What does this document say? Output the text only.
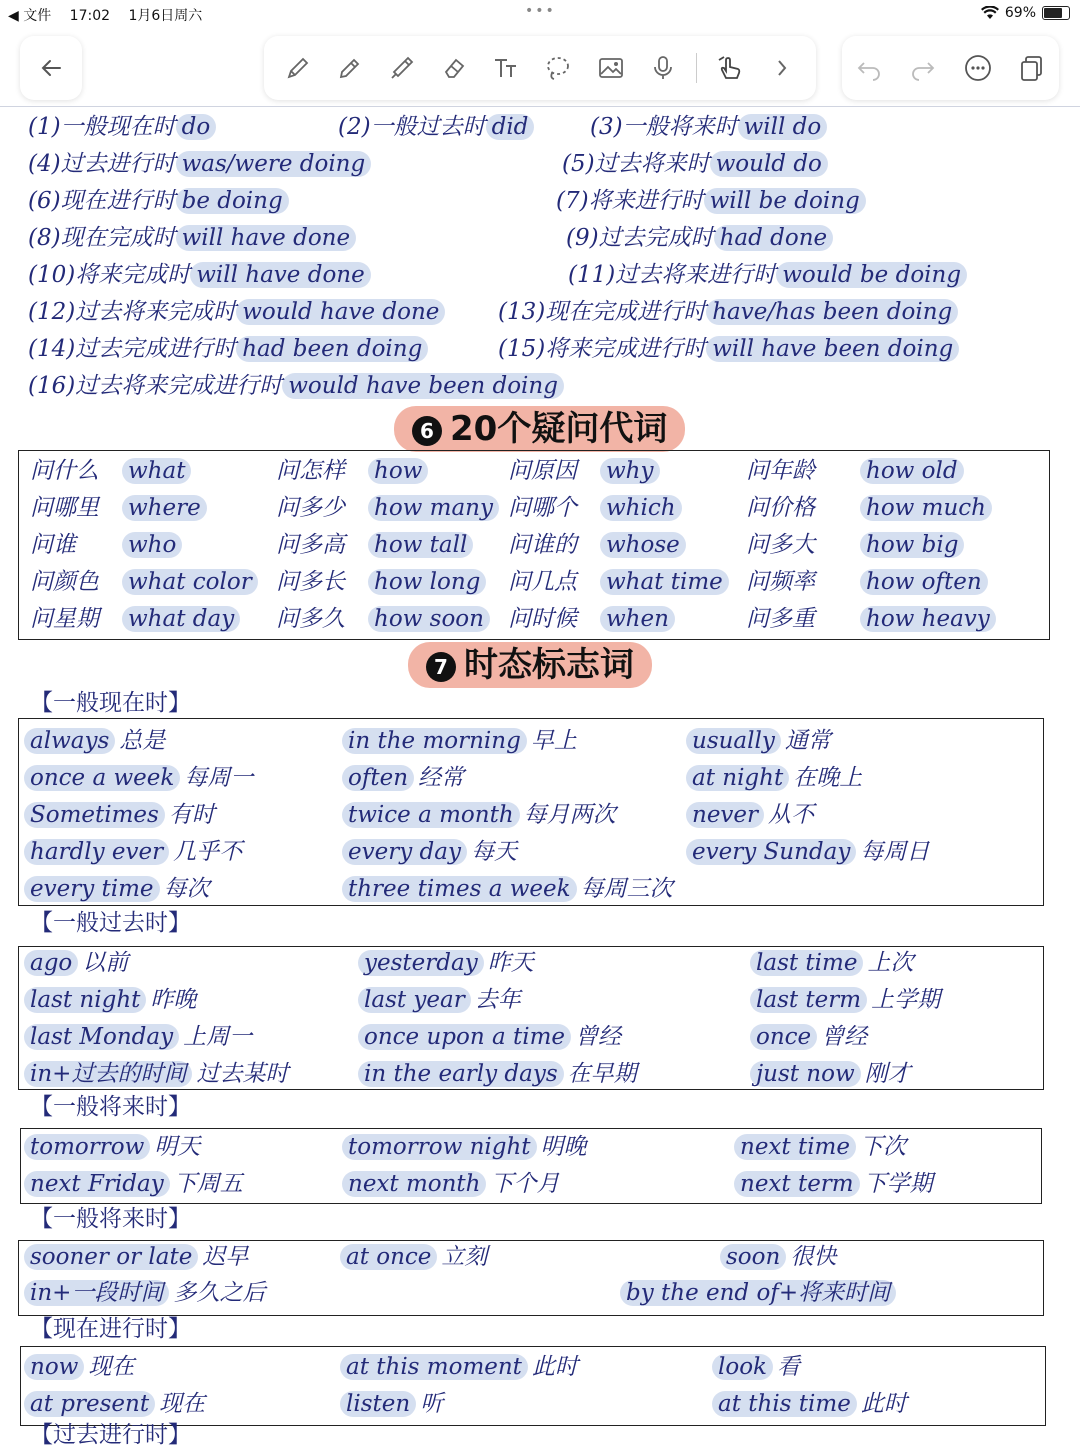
◀ 文件 17:02 1月6日周六	•••	69%
(1)一般现在时 do	(2)一般过去时 did	(3)一般将来时 will do
(4)过去进行时 was/were doing	(5)过去将来时 would do
(6)现在进行时 be doing	(7)将来进行时 will be doing
(8)现在完成时 will have done	(9)过去完成时 had done
(10)将来完成时 will have done	(11)过去将来进行时 would be doing
(12)过去将来完成时 would have done	(13)现在完成进行时 have/has been doing
(14)过去完成进行时 had been doing	(15)将来完成进行时 will have been doing
(16)过去将来完成进行时 would have been doing
6 20个疑问代词
问什么 what	问怎样 how	问原因 why	问年龄 how old
问哪里 where	问多少 how many 问哪个 which	问价格 how much
问谁 who	问多高 how tall 问谁的 whose	问多大 how big
问颜色 what color 问多长 how long 问几点 what time 问频率 how often
问星期 what day 问多久 how soon 问时候 when	问多重 how heavy
7 时态标志词
【一般现在时】
always 总是	in the morning 早上	usually 通常
once a week 每周一	often 经常	at night 在晚上
Sometimes 有时	twice a month 每月两次	never 从不
hardly ever 几乎不	every day 每天	every Sunday 每周日
every time 每次	three times a week 每周三次
【一般过去时】
ago 以前	yesterday 昨天	last time 上次
last night 昨晚	last year 去年	last term 上学期
last Monday 上周一	once upon a time 曾经	once 曾经
in+过去的时间 过去某时	in the early days 在早期	just now 刚才
【一般将来时】
tomorrow 明天	tomorrow night 明晚	next time 下次
next Friday 下周五	next month 下个月	next term 下学期
【一般将来时】
sooner or late 迟早	at once 立刻	soon 很快
in+一段时间 多久之后	by the end of+将来时间
【现在进行时】
now 现在	at this moment 此时	look 看
at present 现在	listen 听	at this time 此时
【过去进行时】
